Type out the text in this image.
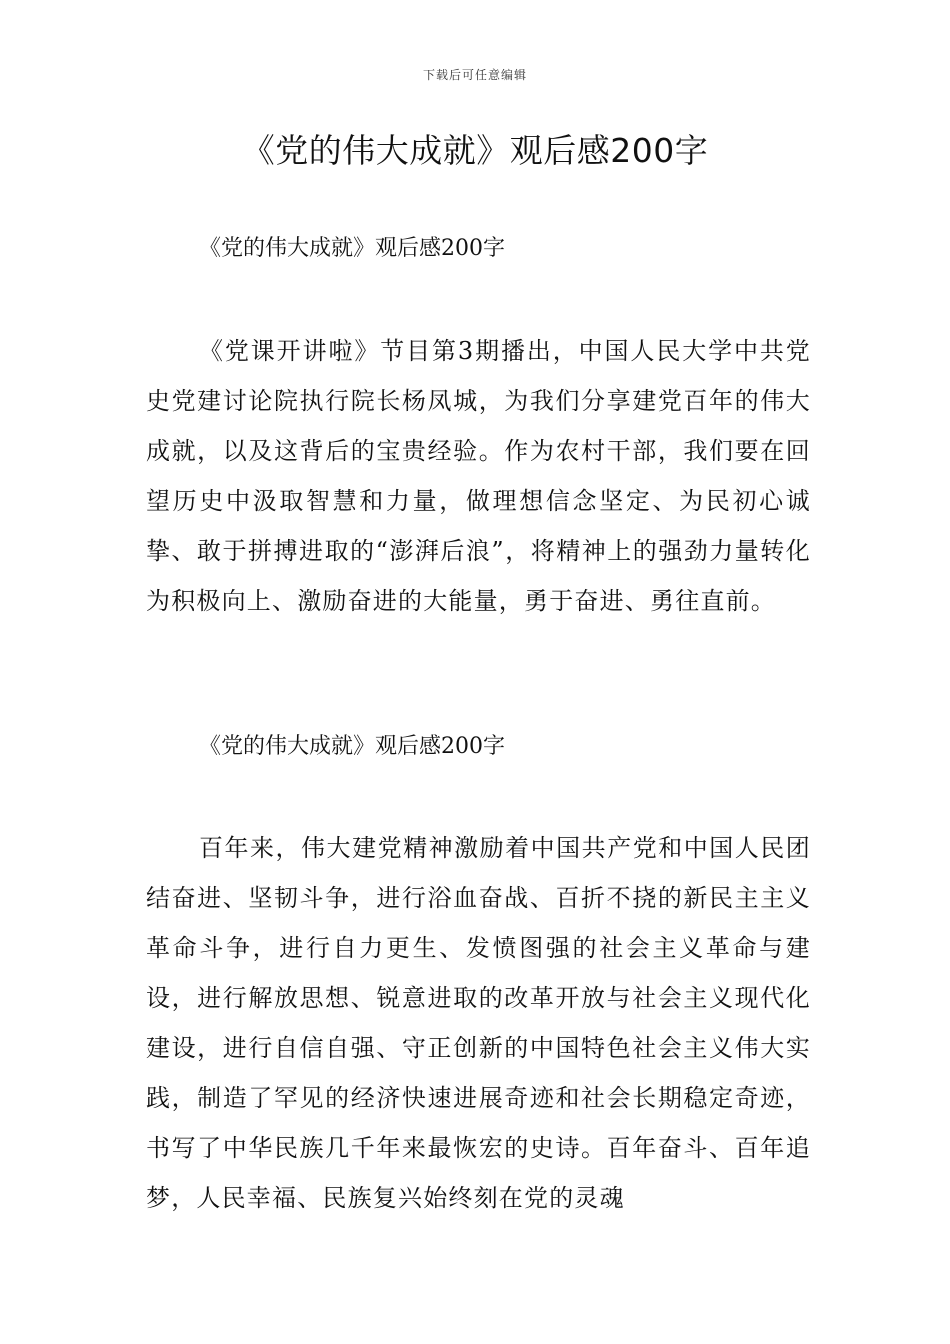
下载后可任意编辑
《党的伟大成就》观后感200字

《党的伟大成就》观后感200字

《党课开讲啦》节目第3期播出，中国人民大学中共党史党建讨论院执行院长杨凤城，为我们分享建党百年的伟大成就，以及这背后的宝贵经验。作为农村干部，我们要在回望历史中汲取智慧和力量，做理想信念坚定、为民初心诚挚、敢于拼搏进取的“澎湃后浪”，将精神上的强劲力量转化为积极向上、激励奋进的大能量，勇于奋进、勇往直前。

《党的伟大成就》观后感200字

百年来，伟大建党精神激励着中国共产党和中国人民团结奋进、坚韧斗争，进行浴血奋战、百折不挠的新民主主义革命斗争，进行自力更生、发愤图强的社会主义革命与建设，进行解放思想、锐意进取的改革开放与社会主义现代化建设，进行自信自强、守正创新的中国特色社会主义伟大实践，制造了罕见的经济快速进展奇迹和社会长期稳定奇迹，书写了中华民族几千年来最恢宏的史诗。百年奋斗、百年追梦，人民幸福、民族复兴始终刻在党的灵魂
